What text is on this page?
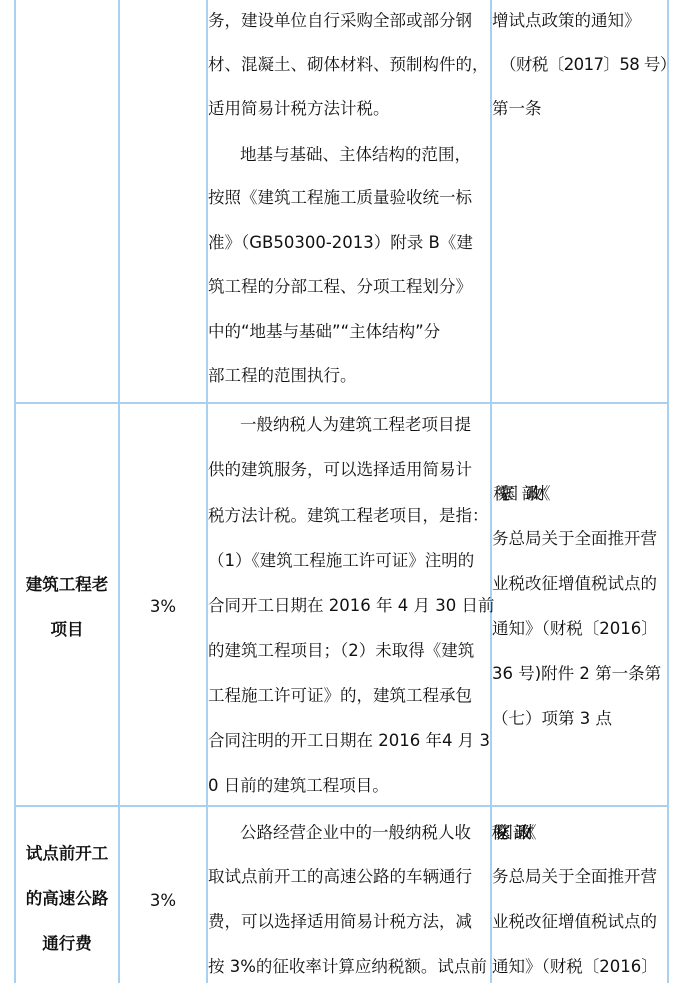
务，建设单位自行采购全部或部分钢
材、混凝土、砌体材料、预制构件的，
适用简易计税方法计税。
地基与基础、主体结构的范围，
按照《建筑工程施工质量验收统一标
准》（GB50300-2013）附录 B《建
筑工程的分部工程、分项工程划分》
中的“地基与基础”“主体结构”分
部工程的范围执行。
增试点政策的通知》
（财税〔2017〕58 号）
第一条
建筑工程老
项目
3%
一般纳税人为建筑工程老项目提
供的建筑服务，可以选择适用简易计
税方法计税。建筑工程老项目，是指：
（1）《建筑工程施工许可证》注明的
合同开工日期在 2016 年 4 月 30 日前
的建筑工程项目；（2）未取得《建筑
工程施工许可证》的，建筑工程承包
合同注明的开工日期在 2016 年4 月 3
0 日前的建筑工程项目。
务总局关于全面推开营
业税改征增值税试点的
通知》（财税〔2016〕
36 号)附件 2 第一条第
（七）项第 3 点
试点前开工
的高速公路
通行费
3%
公路经营企业中的一般纳税人收
取试点前开工的高速公路的车辆通行
费，可以选择适用简易计税方法，减
按 3%的征收率计算应纳税额。试点前
务总局关于全面推开营
业税改征增值税试点的
通知》（财税〔2016〕
